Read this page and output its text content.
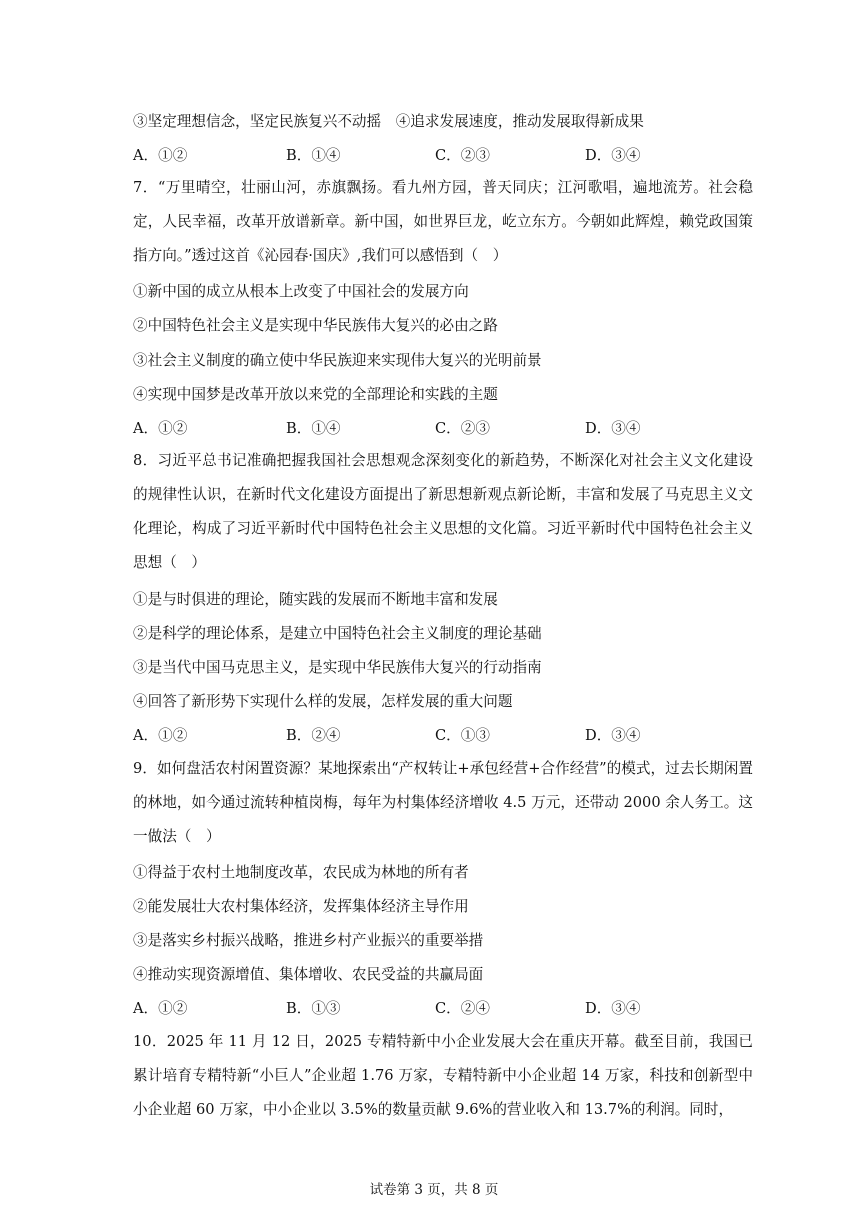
③坚定理想信念，坚定民族复兴不动摇　④追求发展速度，推动发展取得新成果
A．①②	B．①④	C．②③	D．③④
7．“万里晴空，壮丽山河，赤旗飘扬。看九州方园，普天同庆；江河歌唱，遍地流芳。社会稳定，人民幸福，改革开放谱新章。新中国，如世界巨龙，屹立东方。今朝如此辉煌，赖党政国策指方向。”透过这首《沁园春·国庆》,我们可以感悟到（　）
①新中国的成立从根本上改变了中国社会的发展方向
②中国特色社会主义是实现中华民族伟大复兴的必由之路
③社会主义制度的确立使中华民族迎来实现伟大复兴的光明前景
④实现中国梦是改革开放以来党的全部理论和实践的主题
A．①②	B．①④	C．②③	D．③④
8．习近平总书记准确把握我国社会思想观念深刻变化的新趋势，不断深化对社会主义文化建设的规律性认识，在新时代文化建设方面提出了新思想新观点新论断，丰富和发展了马克思主义文化理论，构成了习近平新时代中国特色社会主义思想的文化篇。习近平新时代中国特色社会主义思想（　）
①是与时俱进的理论，随实践的发展而不断地丰富和发展
②是科学的理论体系，是建立中国特色社会主义制度的理论基础
③是当代中国马克思主义，是实现中华民族伟大复兴的行动指南
④回答了新形势下实现什么样的发展，怎样发展的重大问题
A．①②	B．②④	C．①③	D．③④
9．如何盘活农村闲置资源？某地探索出“产权转让+承包经营+合作经营”的模式，过去长期闲置的林地，如今通过流转种植岗梅，每年为村集体经济增收 4.5 万元，还带动 2000 余人务工。这一做法（　）
①得益于农村土地制度改革，农民成为林地的所有者
②能发展壮大农村集体经济，发挥集体经济主导作用
③是落实乡村振兴战略，推进乡村产业振兴的重要举措
④推动实现资源增值、集体增收、农民受益的共赢局面
A．①②	B．①③	C．②④	D．③④
10．2025 年 11 月 12 日，2025 专精特新中小企业发展大会在重庆开幕。截至目前，我国已累计培育专精特新“小巨人”企业超 1.76 万家，专精特新中小企业超 14 万家，科技和创新型中小企业超 60 万家，中小企业以 3.5%的数量贡献 9.6%的营业收入和 13.7%的利润。同时，
试卷第 3 页，共 8 页
